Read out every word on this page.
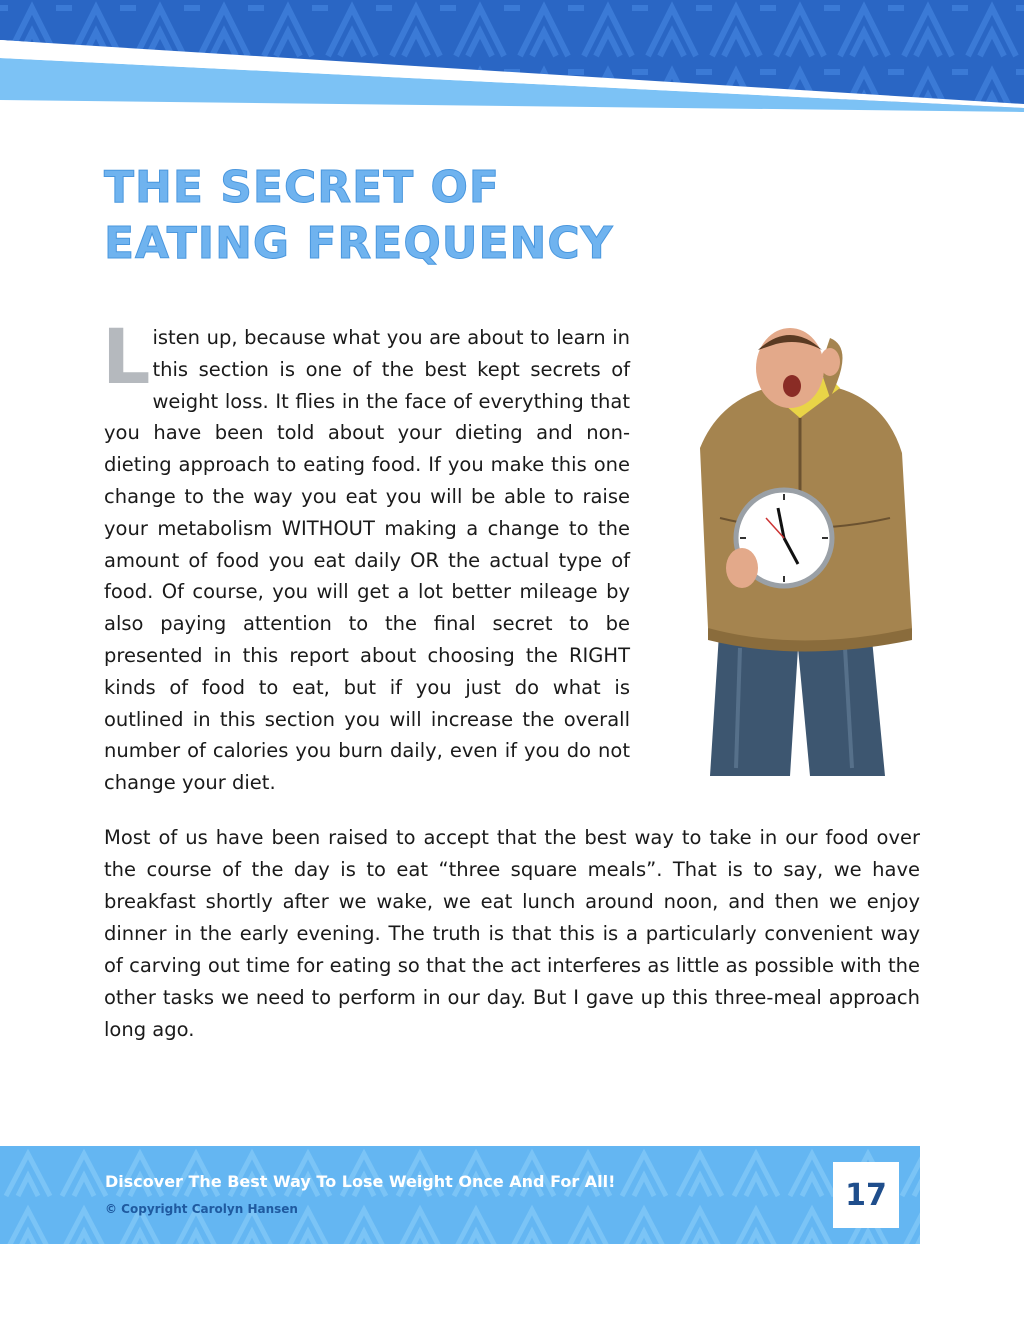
THE SECRET OF
EATING FREQUENCY

Listen up, because what you are about to learn in this section is one of the best kept secrets of weight loss. It flies in the face of everything that you have been told about your dieting and non-dieting approach to eating food. If you make this one change to the way you eat you will be able to raise your metabolism WITHOUT making a change to the amount of food you eat daily OR the actual type of food. Of course, you will get a lot better mileage by also paying attention to the final secret to be presented in this report about choosing the RIGHT kinds of food to eat, but if you just do what is outlined in this section you will increase the overall number of calories you burn daily, even if you do not change your diet.

Most of us have been raised to accept that the best way to take in our food over the course of the day is to eat “three square meals”. That is to say, we have breakfast shortly after we wake, we eat lunch around noon, and then we enjoy dinner in the early evening. The truth is that this is a particularly convenient way of carving out time for eating so that the act interferes as little as possible with the other tasks we need to perform in our day. But I gave up this three-meal approach long ago.

Discover The Best Way To Lose Weight Once And For All!

© Copyright Carolyn Hansen	17
